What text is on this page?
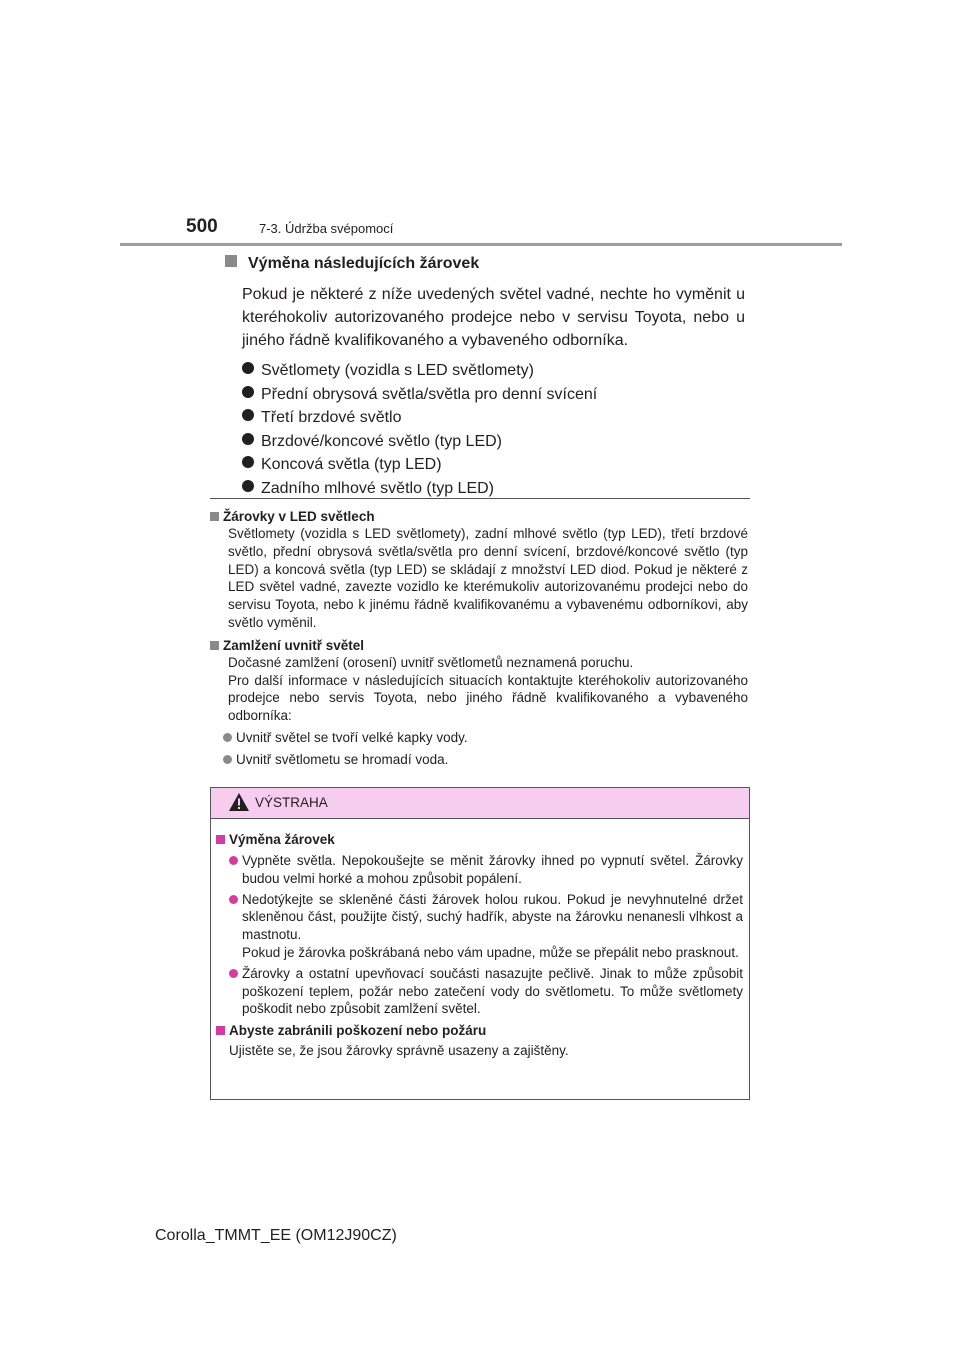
500	7-3. Údržba svépomocí

Výměna následujících žárovek

Pokud je některé z níže uvedených světel vadné, nechte ho vyměnit u kteréhokoliv autorizovaného prodejce nebo v servisu Toyota, nebo u jiného řádně kvalifikovaného a vybaveného odborníka.

Světlomety (vozidla s LED světlomety)
Přední obrysová světla/světla pro denní svícení
Třetí brzdové světlo
Brzdové/koncové světlo (typ LED)
Koncová světla (typ LED)
Zadního mlhové světlo (typ LED)

Žárovky v LED světlech

Světlomety (vozidla s LED světlomety), zadní mlhové světlo (typ LED), třetí brzdové světlo, přední obrysová světla/světla pro denní svícení, brzdové/koncové světlo (typ LED) a koncová světla (typ LED) se skládají z množství LED diod. Pokud je některé z LED světel vadné, zavezte vozidlo ke kterémukoliv autorizovanému prodejci nebo do servisu Toyota, nebo k jinému řádně kvalifikovanému a vybavenému odborníkovi, aby světlo vyměnil.

Zamlžení uvnitř světel

Dočasné zamlžení (orosení) uvnitř světlometů neznamená poruchu.

Pro další informace v následujících situacích kontaktujte kteréhokoliv autorizovaného prodejce nebo servis Toyota, nebo jiného řádně kvalifikovaného a vybaveného odborníka:

Uvnitř světel se tvoří velké kapky vody.

Uvnitř světlometu se hromadí voda.

VÝSTRAHA

Výměna žárovek

Vypněte světla. Nepokoušejte se měnit žárovky ihned po vypnutí světel. Žárovky budou velmi horké a mohou způsobit popálení.
Nedotýkejte se skleněné části žárovek holou rukou. Pokud je nevyhnutelné držet skleněnou část, použijte čistý, suchý hadřík, abyste na žárovku nenanesli vlhkost a mastnotu.

Pokud je žárovka poškrábaná nebo vám upadne, může se přepálit nebo prasknout.

Žárovky a ostatní upevňovací součásti nasazujte pečlivě. Jinak to může způsobit poškození teplem, požár nebo zatečení vody do světlometu. To může světlomety poškodit nebo způsobit zamlžení světel.

Abyste zabránili poškození nebo požáru

Ujistěte se, že jsou žárovky správně usazeny a zajištěny.

Corolla_TMMT_EE (OM12J90CZ)
